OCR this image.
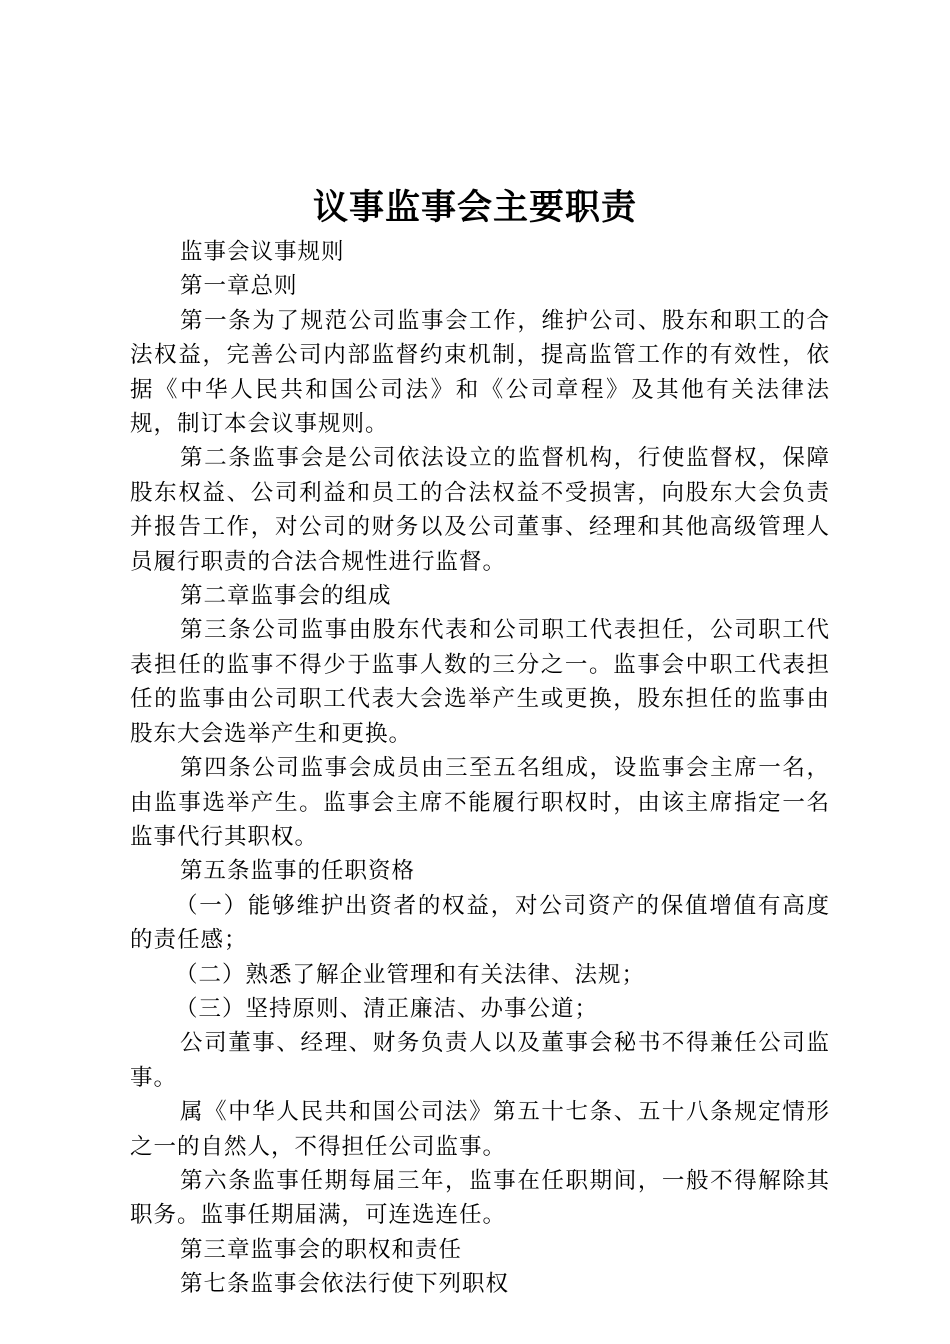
议事监事会主要职责

监事会议事规则

第一章总则

第一条为了规范公司监事会工作，维护公司、股东和职工的合法权益，完善公司内部监督约束机制，提高监管工作的有效性，依据《中华人民共和国公司法》和《公司章程》及其他有关法律法规，制订本会议事规则。

第二条监事会是公司依法设立的监督机构，行使监督权，保障股东权益、公司利益和员工的合法权益不受损害，向股东大会负责并报告工作，对公司的财务以及公司董事、经理和其他高级管理人员履行职责的合法合规性进行监督。

第二章监事会的组成

第三条公司监事由股东代表和公司职工代表担任，公司职工代表担任的监事不得少于监事人数的三分之一。监事会中职工代表担任的监事由公司职工代表大会选举产生或更换，股东担任的监事由股东大会选举产生和更换。

第四条公司监事会成员由三至五名组成，设监事会主席一名，由监事选举产生。监事会主席不能履行职权时，由该主席指定一名监事代行其职权。

第五条监事的任职资格

（一）能够维护出资者的权益，对公司资产的保值增值有高度的责任感；

（二）熟悉了解企业管理和有关法律、法规；

（三）坚持原则、清正廉洁、办事公道；

公司董事、经理、财务负责人以及董事会秘书不得兼任公司监事。

属《中华人民共和国公司法》第五十七条、五十八条规定情形之一的自然人，不得担任公司监事。

第六条监事任期每届三年，监事在任职期间，一般不得解除其职务。监事任期届满，可连选连任。

第三章监事会的职权和责任

第七条监事会依法行使下列职权
